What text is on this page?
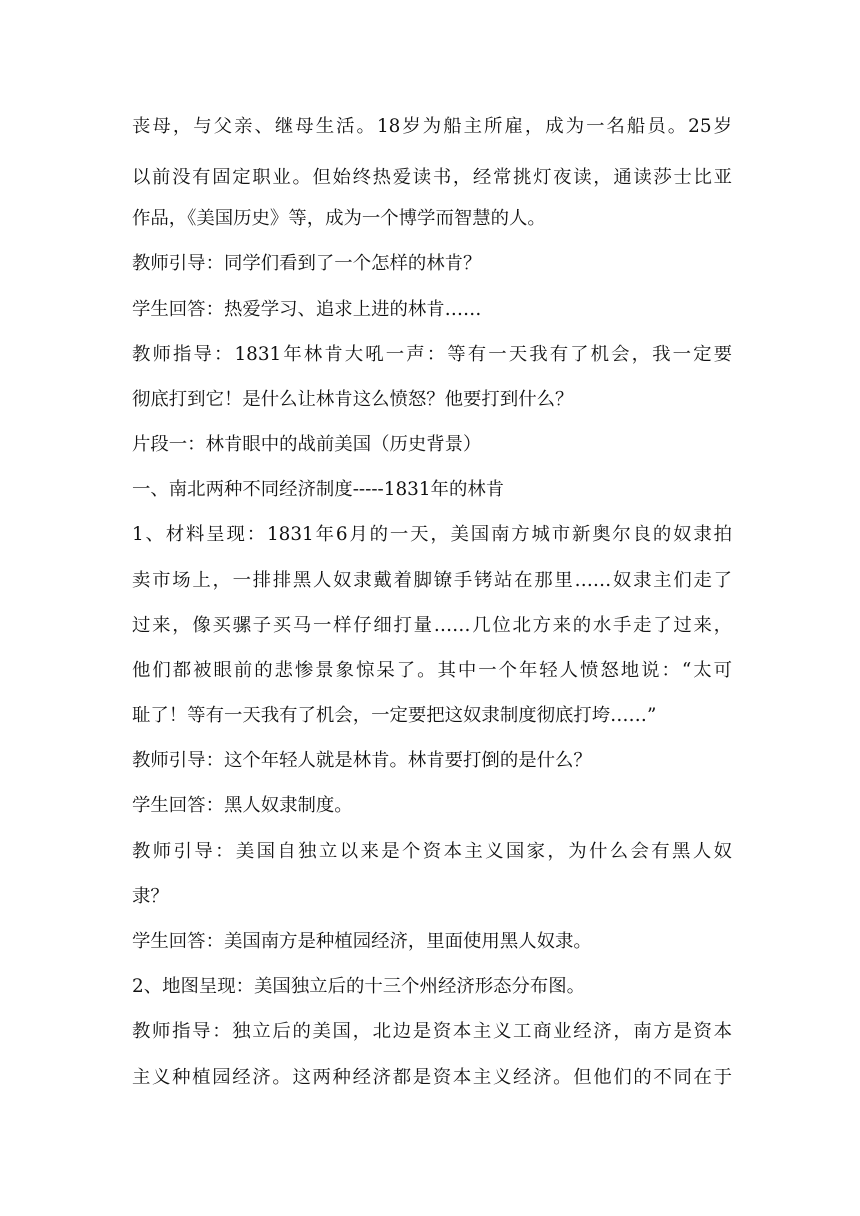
丧母，与父亲、继母生活。18岁为船主所雇，成为一名船员。25岁
以前没有固定职业。但始终热爱读书，经常挑灯夜读，通读莎士比亚
作品，《美国历史》等，成为一个博学而智慧的人。
教师引导：同学们看到了一个怎样的林肯？
学生回答：热爱学习、追求上进的林肯……
教师指导：1831年林肯大吼一声：等有一天我有了机会，我一定要
彻底打到它！是什么让林肯这么愤怒？他要打到什么？
片段一：林肯眼中的战前美国（历史背景）
一、南北两种不同经济制度-----1831年的林肯
1、材料呈现：1831年6月的一天，美国南方城市新奥尔良的奴隶拍
卖市场上，一排排黑人奴隶戴着脚镣手铐站在那里……奴隶主们走了
过来，像买骡子买马一样仔细打量……几位北方来的水手走了过来，
他们都被眼前的悲惨景象惊呆了。其中一个年轻人愤怒地说：“太可
耻了！等有一天我有了机会，一定要把这奴隶制度彻底打垮……”
教师引导：这个年轻人就是林肯。林肯要打倒的是什么？
学生回答：黑人奴隶制度。
教师引导：美国自独立以来是个资本主义国家，为什么会有黑人奴
隶？
学生回答：美国南方是种植园经济，里面使用黑人奴隶。
2、地图呈现：美国独立后的十三个州经济形态分布图。
教师指导：独立后的美国，北边是资本主义工商业经济，南方是资本
主义种植园经济。这两种经济都是资本主义经济。但他们的不同在于
